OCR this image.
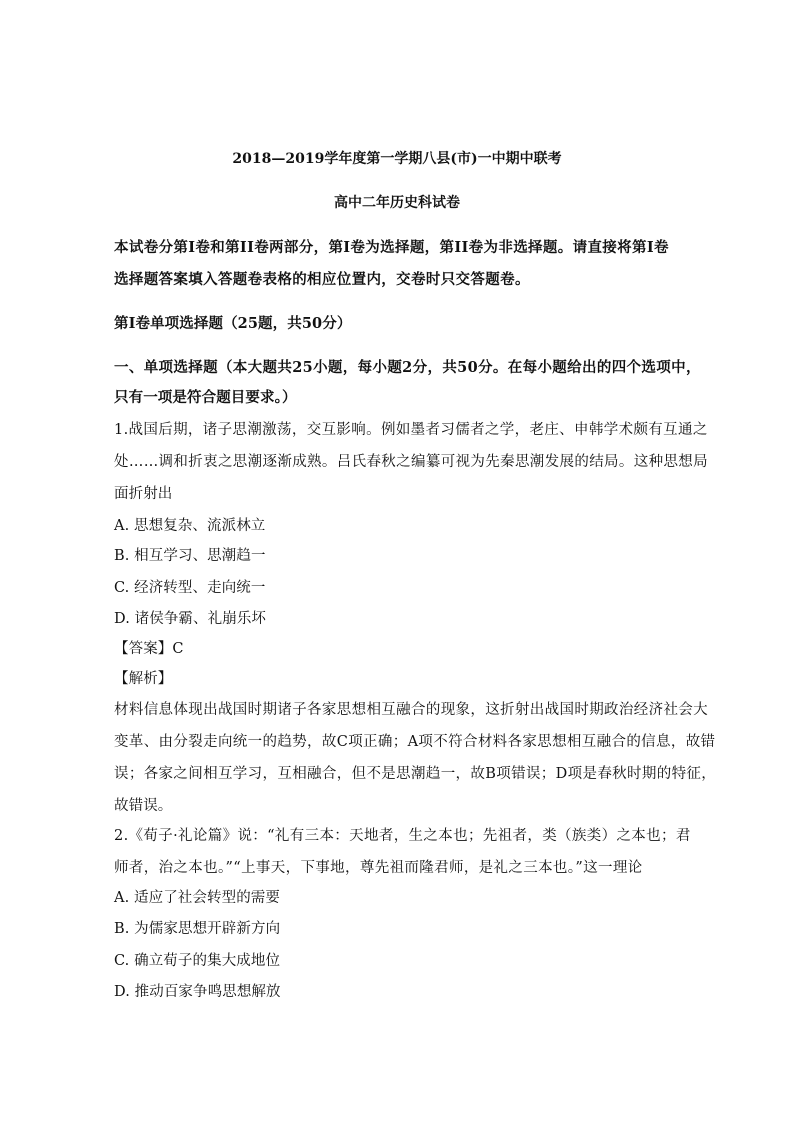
2018—2019学年度第一学期八县(市)一中期中联考
高中二年历史科试卷
本试卷分第Ⅰ卷和第II卷两部分，第Ⅰ卷为选择题，第II卷为非选择题。请直接将第Ⅰ卷
选择题答案填入答题卷表格的相应位置内，交卷时只交答题卷。
第Ⅰ卷单项选择题（25题，共50分）
一、单项选择题（本大题共25小题，每小题2分，共50分。在每小题给出的四个选项中，
只有一项是符合题目要求。）
1.战国后期，诸子思潮激荡，交互影响。例如墨者习儒者之学，老庄、申韩学术颇有互通之
处……调和折衷之思潮逐渐成熟。吕氏春秋之编纂可视为先秦思潮发展的结局。这种思想局
面折射出
A. 思想复杂、流派林立
B. 相互学习、思潮趋一
C. 经济转型、走向统一
D. 诸侯争霸、礼崩乐坏
【答案】C
【解析】
材料信息体现出战国时期诸子各家思想相互融合的现象，这折射出战国时期政治经济社会大
变革、由分裂走向统一的趋势，故C项正确；A项不符合材料各家思想相互融合的信息，故错
误；各家之间相互学习，互相融合，但不是思潮趋一，故B项错误；D项是春秋时期的特征，
故错误。
2.《荀子·礼论篇》说：“礼有三本：天地者，生之本也；先祖者，类（族类）之本也；君
师者，治之本也。”“上事天，下事地，尊先祖而隆君师，是礼之三本也。”这一理论
A. 适应了社会转型的需要
B. 为儒家思想开辟新方向
C. 确立荀子的集大成地位
D. 推动百家争鸣思想解放
